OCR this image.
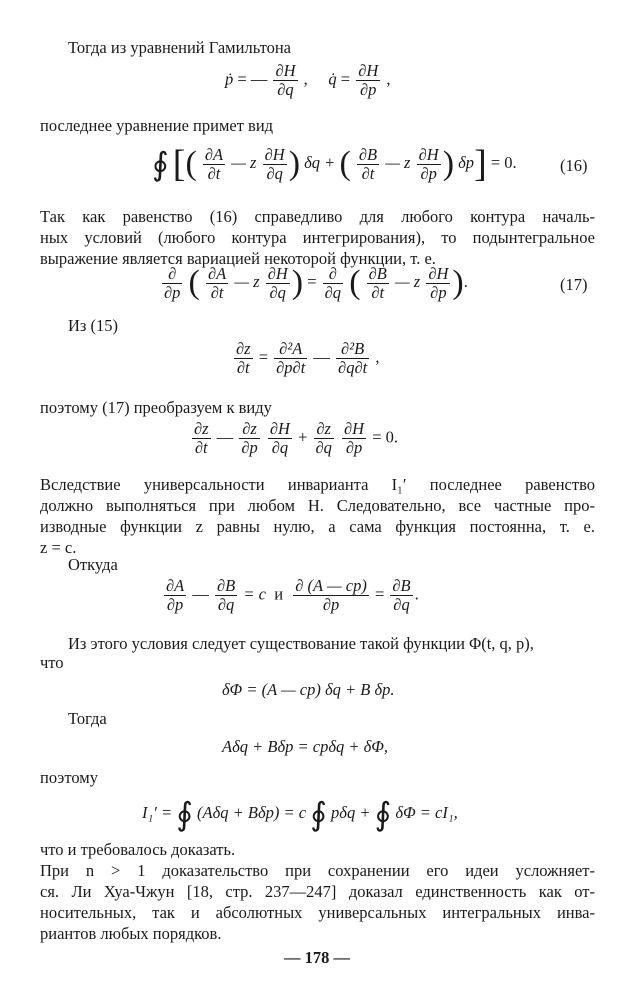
Тогда из уравнений Гамильтона
ṗ = — $\frac{\partial H}{\partial q}$ , q̇ = $\frac{\partial H}{\partial p}$ ,
последнее уравнение примет вид
∮ [( $\frac{\partial A}{\partial t}$ — z $\frac{\partial H}{\partial q}$ ) δq + ( $\frac{\partial B}{\partial t}$ — z $\frac{\partial H}{\partial p}$ ) δp] = 0.	(16)
Так как равенство (16) справедливо для любого контура началь-
ных условий (любого контура интегрирования), то подынтегральное
выражение является вариацией некоторой функции, т. е.
$\frac{\partial}{\partial p}$ ( $\frac{\partial A}{\partial t}$ — z $\frac{\partial H}{\partial q}$ ) = $\frac{\partial}{\partial q}$ ( $\frac{\partial B}{\partial t}$ — z $\frac{\partial H}{\partial p}$ ).	(17)
Из (15)
$\frac{\partial z}{\partial t} = \frac{\text{∂²A}}{\partial p\partial t}$ — $\frac{\text{∂²B}}{\partial q\partial t}$ ,
поэтому (17) преобразуем к виду
$\frac{\partial z}{\partial t}$ — $\frac{\partial z}{\partial p}$
$\frac{\partial H}{\partial q} + \frac{\partial z}{\partial q}$
$\frac{\partial H}{\partial p} = 0$.
Вследствие универсальности инварианта I₁′ последнее равенство
должно выполняться при любом H. Следовательно, все частные про-
изводные функции z равны нулю, а сама функция постоянна, т. е.
z = c.
Откуда
$\frac{\partial A}{\partial p}$ — $\frac{\partial B}{\partial q} = c$ и $\frac{\partial (A — cp)}{\partial p} = \frac{\partial B}{\partial q}$ .
Из этого условия следует существование такой функции Φ(t, q, p),
что
δΦ = (A — cp) δq + B δp.
Тогда
Aδq + Bδp = cpδq + δΦ,
поэтому
I₁′ = ∮ (Aδq + Bδp) = c ∮ pδq + ∮ δΦ = cI₁,
что и требовалось доказать.
При n > 1 доказательство при сохранении его идеи усложняет-
ся. Ли Хуа-Чжун [18, стр. 237—247] доказал единственность как от-
носительных, так и абсолютных универсальных интегральных инва-
риантов любых порядков.
— 178 —
